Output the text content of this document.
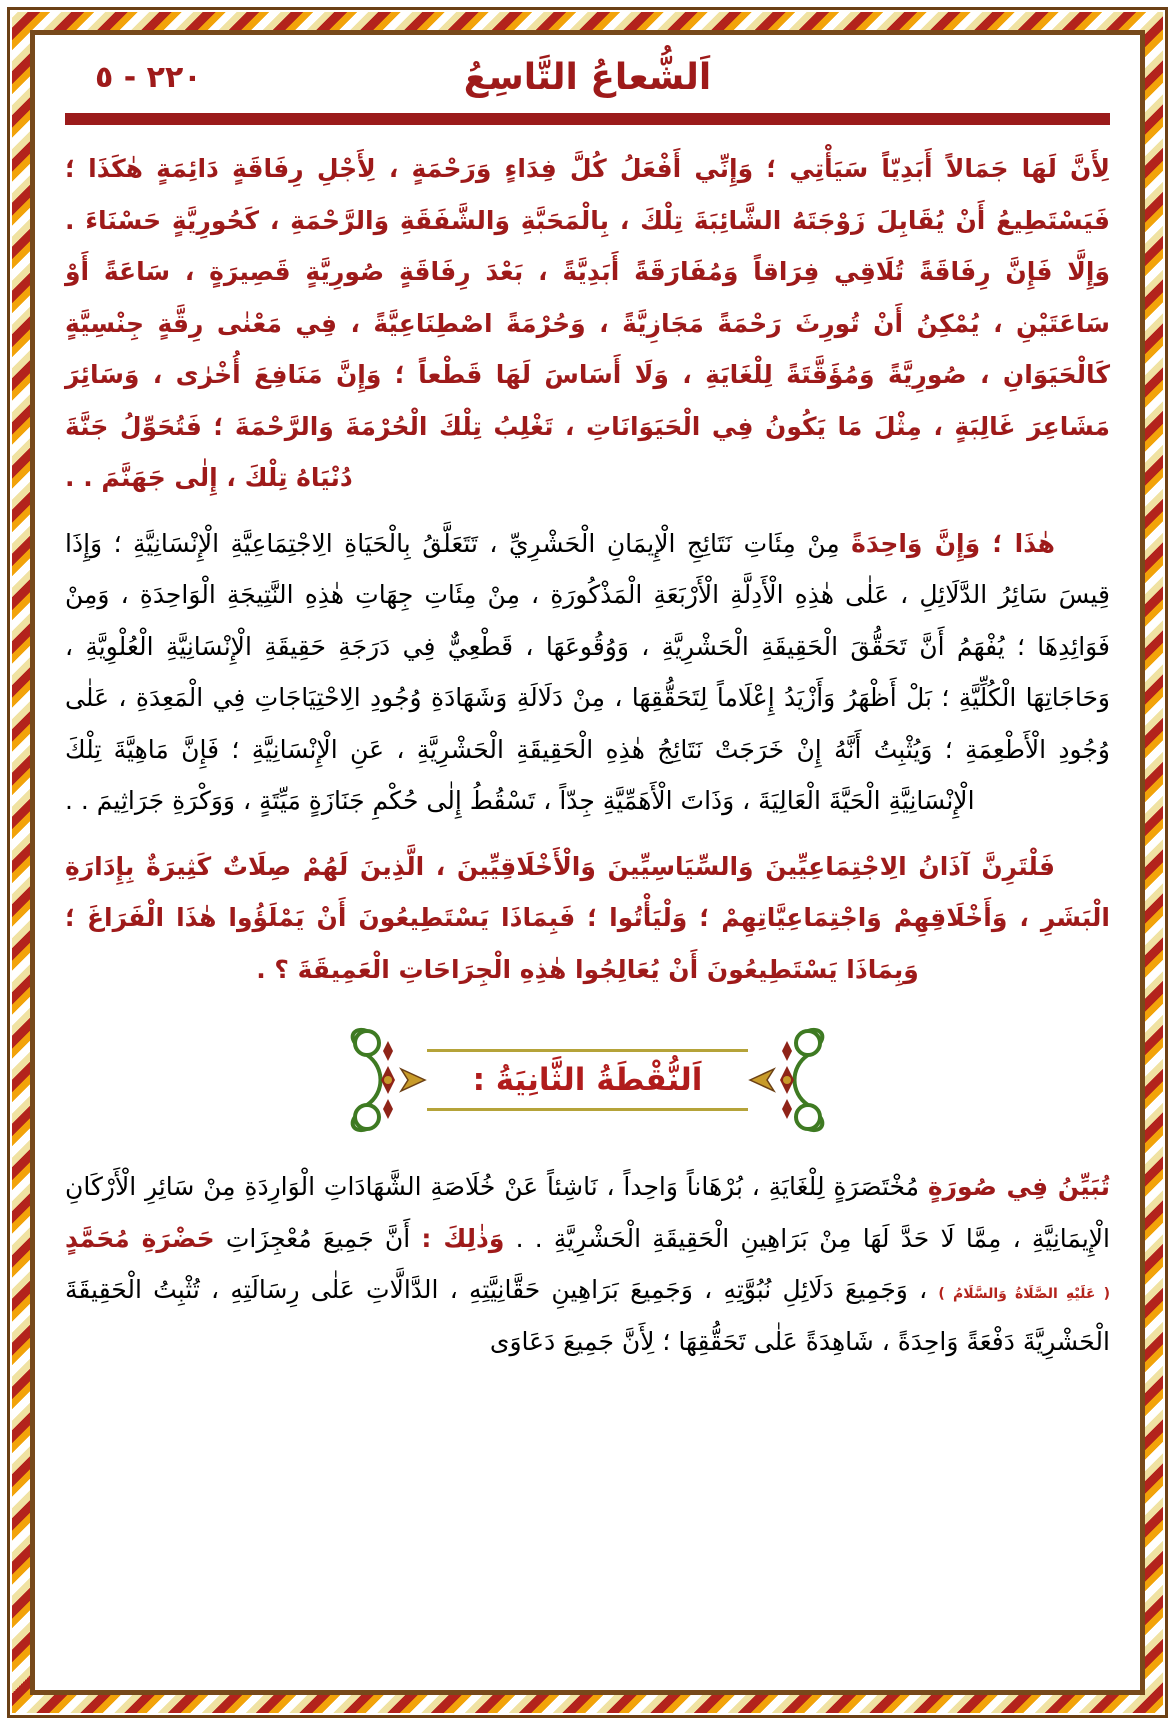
اَلشُّعاعُ التَّاسِعُ
٢٢٠ - ٥

لِأَنَّ لَهَا جَمَالاً أَبَدِيّاً سَيَأْتِي ؛ وَإِنِّي أَفْعَلُ كُلَّ فِدَاءٍ وَرَحْمَةٍ ، لِأَجْلِ رِفَاقَةٍ دَائِمَةٍ هٰكَذَا ؛ فَيَسْتَطِيعُ أَنْ يُقَابِلَ زَوْجَتَهُ الشَّائِبَةَ تِلْكَ ، بِالْمَحَبَّةِ وَالشَّفَقَةِ وَالرَّحْمَةِ ، كَحُورِيَّةٍ حَسْنَاءَ . وَإِلَّا فَإِنَّ رِفَاقَةً تُلَاقِي فِرَاقاً وَمُفَارَقَةً أَبَدِيَّةً ، بَعْدَ رِفَاقَةٍ صُورِيَّةٍ قَصِيرَةٍ ، سَاعَةً أَوْ سَاعَتَيْنِ ، يُمْكِنُ أَنْ تُورِثَ رَحْمَةً مَجَازِيَّةً ، وَحُرْمَةً اصْطِنَاعِيَّةً ، فِي مَعْنٰى رِقَّةٍ جِنْسِيَّةٍ كَالْحَيَوَانِ ، صُورِيَّةً وَمُؤَقَّتَةً لِلْغَايَةِ ، وَلَا أَسَاسَ لَهَا قَطْعاً ؛ وَإِنَّ مَنَافِعَ أُخْرٰى ، وَسَائِرَ مَشَاعِرَ غَالِبَةٍ ، مِثْلَ مَا يَكُونُ فِي الْحَيَوَانَاتِ ، تَغْلِبُ تِلْكَ الْحُرْمَةَ وَالرَّحْمَةَ ؛ فَتُحَوِّلُ جَنَّةَ دُنْيَاهُ تِلْكَ ، إِلٰى جَهَنَّمَ . .

هٰذَا ؛ وَإِنَّ وَاحِدَةً مِنْ مِئَاتِ نَتَائِجِ الْإِيمَانِ الْحَشْرِيِّ ، تَتَعَلَّقُ بِالْحَيَاةِ الِاجْتِمَاعِيَّةِ الْإِنْسَانِيَّةِ ؛ وَإِذَا قِيسَ سَائِرُ الدَّلَائِلِ ، عَلٰى هٰذِهِ الْأَدِلَّةِ الْأَرْبَعَةِ الْمَذْكُورَةِ ، مِنْ مِئَاتِ جِهَاتِ هٰذِهِ النَّتِيجَةِ الْوَاحِدَةِ ، وَمِنْ فَوَائِدِهَا ؛ يُفْهَمُ أَنَّ تَحَقُّقَ الْحَقِيقَةِ الْحَشْرِيَّةِ ، وَوُقُوعَهَا ، قَطْعِيٌّ فِي دَرَجَةِ حَقِيقَةِ الْإِنْسَانِيَّةِ الْعُلْوِيَّةِ ، وَحَاجَاتِهَا الْكُلِّيَّةِ ؛ بَلْ أَظْهَرُ وَأَزْيَدُ إِعْلَاماً لِتَحَقُّقِهَا ، مِنْ دَلَالَةِ وَشَهَادَةِ وُجُودِ الِاحْتِيَاجَاتِ فِي الْمَعِدَةِ ، عَلٰى وُجُودِ الْأَطْعِمَةِ ؛ وَيُثْبِتُ أَنَّهُ إِنْ خَرَجَتْ نَتَائِجُ هٰذِهِ الْحَقِيقَةِ الْحَشْرِيَّةِ ، عَنِ الْإِنْسَانِيَّةِ ؛ فَإِنَّ مَاهِيَّةَ تِلْكَ الْإِنْسَانِيَّةِ الْحَيَّةَ الْعَالِيَةَ ، وَذَاتَ الْأَهَمِّيَّةِ جِدّاً ، تَسْقُطُ إِلٰى حُكْمِ جَنَازَةٍ مَيِّتَةٍ ، وَوَكْرَةِ جَرَاثِيمَ . .

فَلْتَرِنَّ آذَانُ الِاجْتِمَاعِيِّينَ وَالسِّيَاسِيِّينَ وَالْأَخْلَاقِيِّينَ ، الَّذِينَ لَهُمْ صِلَاتٌ كَثِيرَةٌ بِإِدَارَةِ الْبَشَرِ ، وَأَخْلَاقِهِمْ وَاجْتِمَاعِيَّاتِهِمْ ؛ وَلْيَأْتُوا ؛ فَبِمَاذَا يَسْتَطِيعُونَ أَنْ يَمْلَؤُوا هٰذَا الْفَرَاغَ ؛ وَبِمَاذَا يَسْتَطِيعُونَ أَنْ يُعَالِجُوا هٰذِهِ الْجِرَاحَاتِ الْعَمِيقَةَ ؟ .

اَلنُّقْطَةُ الثَّانِيَةُ :

تُبَيِّنُ فِي صُورَةٍ مُخْتَصَرَةٍ لِلْغَايَةِ ، بُرْهَاناً وَاحِداً ، نَاشِئاً عَنْ خُلَاصَةِ الشَّهَادَاتِ الْوَارِدَةِ مِنْ سَائِرِ الْأَرْكَانِ الْإِيمَانِيَّةِ ، مِمَّا لَا حَدَّ لَهَا مِنْ بَرَاهِينِ الْحَقِيقَةِ الْحَشْرِيَّةِ . . وَذٰلِكَ : أَنَّ جَمِيعَ مُعْجِزَاتِ حَضْرَةِ مُحَمَّدٍ ( عَلَيْهِ الصَّلَاةُ وَالسَّلَامُ ) ، وَجَمِيعَ دَلَائِلِ نُبُوَّتِهِ ، وَجَمِيعَ بَرَاهِينِ حَقَّانِيَّتِهِ ، الدَّالَّاتِ عَلٰى رِسَالَتِهِ ، تُثْبِتُ الْحَقِيقَةَ الْحَشْرِيَّةَ دَفْعَةً وَاحِدَةً ، شَاهِدَةً عَلٰى تَحَقُّقِهَا ؛ لِأَنَّ جَمِيعَ دَعَاوَى
